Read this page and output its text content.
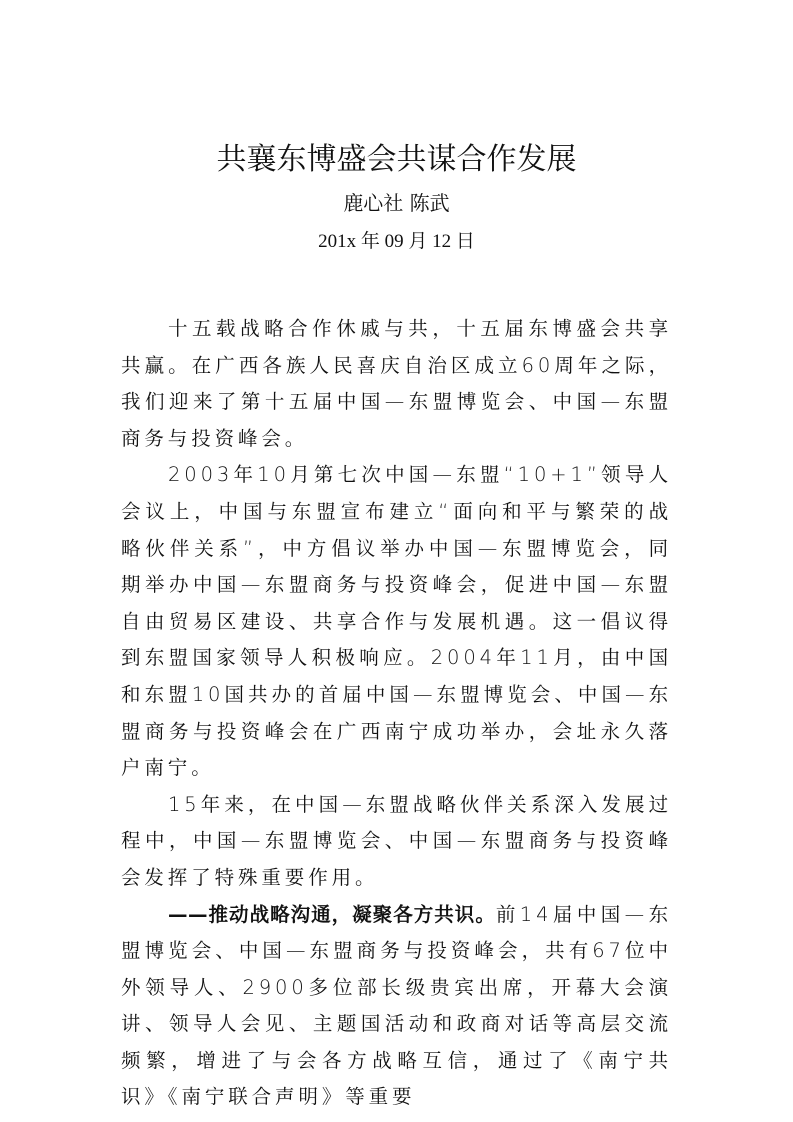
共襄东博盛会共谋合作发展
鹿心社 陈武
201x 年 09 月 12 日

十五载战略合作休戚与共，十五届东博盛会共享共赢。在广西各族人民喜庆自治区成立60周年之际，我们迎来了第十五届中国—东盟博览会、中国—东盟商务与投资峰会。

2003年10月第七次中国—东盟“10+1”领导人会议上，中国与东盟宣布建立“面向和平与繁荣的战略伙伴关系”，中方倡议举办中国—东盟博览会，同期举办中国—东盟商务与投资峰会，促进中国—东盟自由贸易区建设、共享合作与发展机遇。这一倡议得到东盟国家领导人积极响应。2004年11月，由中国和东盟10国共办的首届中国—东盟博览会、中国—东盟商务与投资峰会在广西南宁成功举办，会址永久落户南宁。

15年来，在中国—东盟战略伙伴关系深入发展过程中，中国—东盟博览会、中国—东盟商务与投资峰会发挥了特殊重要作用。

——推动战略沟通，凝聚各方共识。前14届中国—东盟博览会、中国—东盟商务与投资峰会，共有67位中外领导人、2900多位部长级贵宾出席，开幕大会演讲、领导人会见、主题国活动和政商对话等高层交流频繁，增进了与会各方战略互信，通过了《南宁共识》《南宁联合声明》等重要
